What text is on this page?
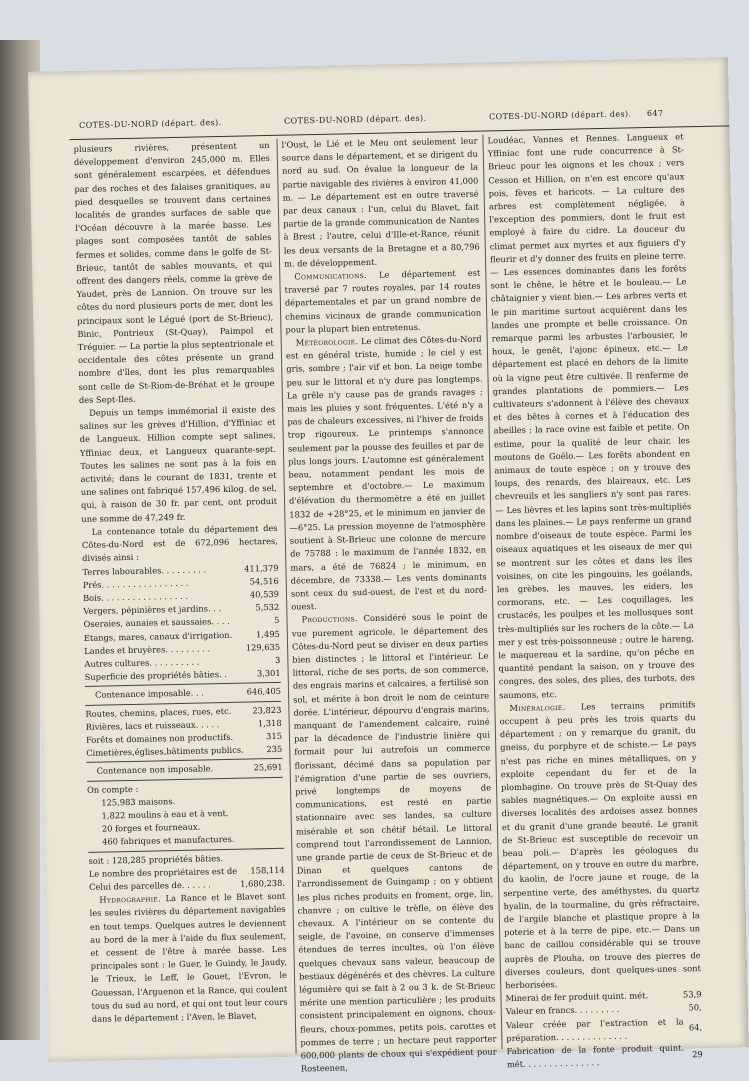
COTES-DU-NORD (départ. des).	COTES-DU-NORD (départ. des).	COTES-DU-NORD (départ. des). 647

plusieurs rivières, présentent un développement d'environ 245,000 m. Elles sont généralement escarpées, et défendues par des roches et des falaises granitiques, au pied desquelles se trouvent dans certaines localités de grandes surfaces de sable que l'Océan découvre à la marée basse. Les plages sont composées tantôt de sables fermes et solides, comme dans le golfe de St-Brieuc, tantôt de sables mouvants, et qui offrent des dangers réels, comme la grève de Yaudet, près de Lannion. On trouve sur les côtes du nord plusieurs ports de mer, dont les principaux sont le Légué (port de St-Brieuc), Binic, Pontrieux (St-Quay), Paimpol et Tréguier. — La partie la plus septentrionale et occidentale des côtes présente un grand nombre d'îles, dont les plus remarquables sont celle de St-Riom-de-Bréhat et le groupe des Sept-Iles.

Depuis un temps immémorial il existe des salines sur les grèves d'Hillion, d'Yffiniac et de Langueux. Hillion compte sept salines, Yffiniac deux, et Langueux quarante-sept. Toutes les salines ne sont pas à la fois en activité; dans le courant de 1831, trente et une salines ont fabriqué 157,496 kilog. de sel, qui, à raison de 30 fr. par cent, ont produit une somme de 47,249 fr.

La contenance totale du département des Côtes-du-Nord est de 672,096 hectares, divisés ainsi :

Terres labourables. . . . . . . . .	411,379
Prés. . . . . . . . . . . . . . . . .	54,516
Bois. . . . . . . . . . . . . . . . .	40,539
Vergers, pépinières et jardins. . .	5,532
Oseraies, aunaies et saussaies. . . .	5
Etangs, mares, canaux d'irrigation.	1,495
Landes et bruyères. . . . . . . . .	129,635
Autres cultures. . . . . . . . . .	3
Superficie des propriétés bâties. .	3,301
Contenance imposable. . .	646,405
Routes, chemins, places, rues, etc.	23,823
Rivières, lacs et ruisseaux. . . . .	1,318
Forêts et domaines non productifs.	315
Cimetières,églises,bâtiments publics.	235
Contenance non imposable.	25,691
On compte :
125,983 maisons.
1,822 moulins à eau et à vent.
20 forges et fourneaux.
460 fabriques et manufactures.
soit : 128,285 propriétés bâties.
Le nombre des propriétaires est de	158,114
Celui des parcelles de. . . . . .	1,680,238.

Hydrographie. La Rance et le Blavet sont les seules rivières du département navigables en tout temps. Quelques autres le deviennent au bord de la mer à l'aide du flux seulement, et cessent de l'être à marée basse. Les principales sont : le Guer, le Guindy, le Jaudy, le Trieux, le Leff, le Gouet, l'Evron, le Gouessan, l'Arguenon et la Rance, qui coulent tous du sud au nord, et qui ont tout leur cours dans le département ; l'Aven, le Blavet,

l'Oust, le Lié et le Meu ont seulement leur source dans le département, et se dirigent du nord au sud. On évalue la longueur de la partie navigable des rivières à environ 41,000 m. — Le département est en outre traversé par deux canaux : l'un, celui du Blavet, fait partie de la grande communication de Nantes à Brest ; l'autre, celui d'Ille-et-Rance, réunit les deux versants de la Bretagne et a 80,796 m. de développement.

Communications. Le département est traversé par 7 routes royales, par 14 routes départementales et par un grand nombre de chemins vicinaux de grande communication pour la plupart bien entretenus.

Météorologie. Le climat des Côtes-du-Nord est en général triste, humide ; le ciel y est gris, sombre ; l'air vif et bon. La neige tombe peu sur le littoral et n'y dure pas longtemps. La grêle n'y cause pas de grands ravages ; mais les pluies y sont fréquentes. L'été n'y a pas de chaleurs excessives, ni l'hiver de froids trop rigoureux. Le printemps s'annonce seulement par la pousse des feuilles et par de plus longs jours. L'automne est généralement beau, notamment pendant les mois de septembre et d'octobre.— Le maximum d'élévation du thermomètre a été en juillet 1832 de +28°25, et le minimum en janvier de —6°25. La pression moyenne de l'atmosphère soutient à St-Brieuc une colonne de mercure de 75788 : le maximum de l'année 1832, en mars, a été de 76824 ; le minimum, en décembre, de 73338.— Les vents dominants sont ceux du sud-ouest, de l'est et du nord-ouest.

Productions. Considéré sous le point de vue purement agricole, le département des Côtes-du-Nord peut se diviser en deux parties bien distinctes ; le littoral et l'intérieur. Le littoral, riche de ses ports, de son commerce, des engrais marins et calcaires, a fertilisé son sol, et mérite à bon droit le nom de ceinture dorée. L'intérieur, dépourvu d'engrais marins, manquant de l'amendement calcaire, ruiné par la décadence de l'industrie linière qui formait pour lui autrefois un commerce florissant, décimé dans sa population par l'émigration d'une partie de ses ouvriers, privé longtemps de moyens de communications, est resté en partie stationnaire avec ses landes, sa culture misérable et son chétif bétail. Le littoral comprend tout l'arrondissement de Lannion, une grande partie de ceux de St-Brieuc et de Dinan et quelques cantons de l'arrondissement de Guingamp ; on y obtient les plus riches produits en froment, orge, lin, chanvre ; on cultive le trèfle, on élève des chevaux. A l'intérieur on se contente du seigle, de l'avoine, on conserve d'immenses étendues de terres incultes, où l'on élève quelques chevaux sans valeur, beaucoup de bestiaux dégénérés et des chèvres. La culture légumière qui se fait à 2 ou 3 k. de St-Brieuc mérite une mention particulière ; les produits consistent principalement en oignons, choux-fleurs, choux-pommes, petits pois, carottes et pommes de terre ; un hectare peut rapporter 600,000 plants de choux qui s'expédient pour Rosteenen,

Loudéac, Vannes et Rennes. Langueux et Yffiniac font une rude concurrence à St-Brieuc pour les oignons et les choux ; vers Cesson et Hillion, on n'en est encore qu'aux pois, fèves et haricots. — La culture des arbres est complètement négligée, à l'exception des pommiers, dont le fruit est employé à faire du cidre. La douceur du climat permet aux myrtes et aux figuiers d'y fleurir et d'y donner des fruits en pleine terre. — Les essences dominantes dans les forêts sont le chêne, le hêtre et le bouleau.— Le châtaignier y vient bien.— Les arbres verts et le pin maritime surtout acquièrent dans les landes une prompte et belle croissance. On remarque parmi les arbustes l'arbousier, le houx, le genêt, l'ajonc épineux, etc.— Le département est placé en dehors de la limite où la vigne peut être cultivée. Il renferme de grandes plantations de pommiers.— Les cultivateurs s'adonnent à l'élève des chevaux et des bêtes à cornes et à l'éducation des abeilles ; la race ovine est faible et petite. On estime, pour la qualité de leur chair, les moutons de Goëlo.— Les forêts abondent en animaux de toute espèce ; on y trouve des loups, des renards, des blaireaux, etc. Les chevreuils et les sangliers n'y sont pas rares. — Les lièvres et les lapins sont très-multipliés dans les plaines.— Le pays renferme un grand nombre d'oiseaux de toute espèce. Parmi les oiseaux aquatiques et les oiseaux de mer qui se montrent sur les côtes et dans les îles voisines, on cite les pingouins, les goélands, les grèbes, les mauves, les eiders, les cormorans, etc. — Les coquillages, les crustacés, les poulpes et les mollusques sont très-multipliés sur les rochers de la côte.— La mer y est très-poissonneuse ; outre le hareng, le maquereau et la sardine, qu'on pêche en quantité pendant la saison, on y trouve des congres, des soles, des plies, des turbots, des saumons, etc.

Minéralogie. Les terrains primitifs occupent à peu près les trois quarts du département ; on y remarque du granit, du gneiss, du porphyre et de schiste.— Le pays n'est pas riche en mines métalliques, on y exploite cependant du fer et de la plombagine. On trouve près de St-Quay des sables magnétiques.— On exploite aussi en diverses localités des ardoises assez bonnes et du granit d'une grande beauté. Le granit de St-Brieuc est susceptible de recevoir un beau poli.— D'après les géologues du département, on y trouve en outre du marbre, du kaolin, de l'ocre jaune et rouge, de la serpentine verte, des améthystes, du quartz hyalin, de la tourmaline, du grès réfractaire, de l'argile blanche et plastique propre à la poterie et à la terre de pipe, etc.— Dans un banc de caillou considérable qui se trouve auprès de Plouha, on trouve des pierres de diverses couleurs, dont quelques-unes sont herborisées.

Minerai de fer produit quint. mét.	53,9
Valeur en francs. . . . . . . . .	50,
Valeur créée par l'extraction et la préparation. . . . . . . . . . . . . .	64,
Fabrication de la fonte produit quint. mét. . . . . . . . . . . . . . .	29
